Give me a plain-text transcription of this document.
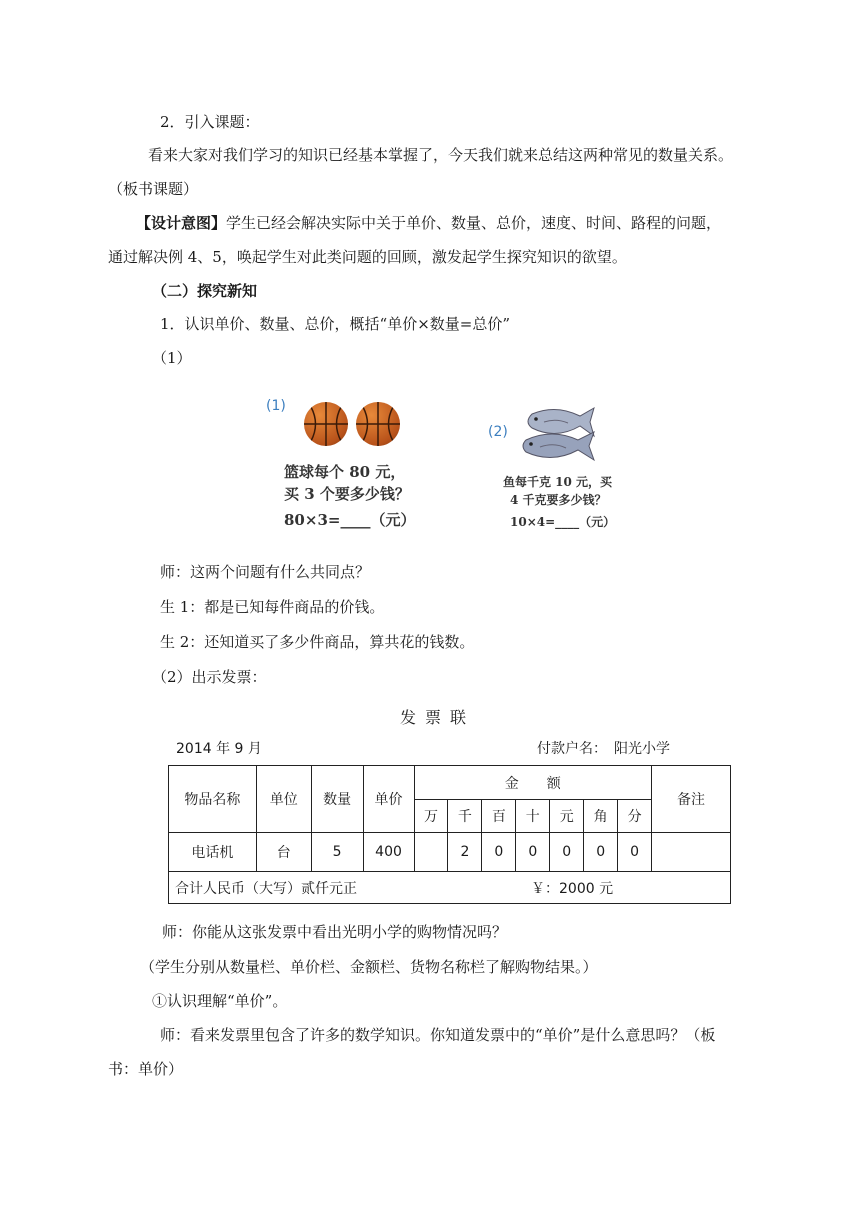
2．引入课题：
看来大家对我们学习的知识已经基本掌握了，今天我们就来总结这两种常见的数量关系。
（板书课题）
【设计意图】学生已经会解决实际中关于单价、数量、总价，速度、时间、路程的问题，
通过解决例 4、5，唤起学生对此类问题的回顾，激发起学生探究知识的欲望。
（二）探究新知
1．认识单价、数量、总价，概括“单价×数量=总价”
（1）
(1)
篮球每个 80 元，
买 3 个要多少钱？
80×3=____（元）
(2)
鱼每千克 10 元，买
4 千克要多少钱？
10×4=____（元）
师：这两个问题有什么共同点？
生 1：都是已知每件商品的价钱。
生 2：还知道买了多少件商品，算共花的钱数。
（2）出示发票：
发票联
2014 年 9 月	付款户名： 阳光小学
物品名称	单位	数量	单价	金　　额							备注
				万	千	百	十	元	角	分	
电话机	台	5	400		2	0	0	0	0	0	
合计人民币（大写）贰仟元正	￥：2000 元
师：你能从这张发票中看出光明小学的购物情况吗？
（学生分别从数量栏、单价栏、金额栏、货物名称栏了解购物结果。）
①认识理解“单价”。
师：看来发票里包含了许多的数学知识。你知道发票中的“单价”是什么意思吗？（板
书：单价）
